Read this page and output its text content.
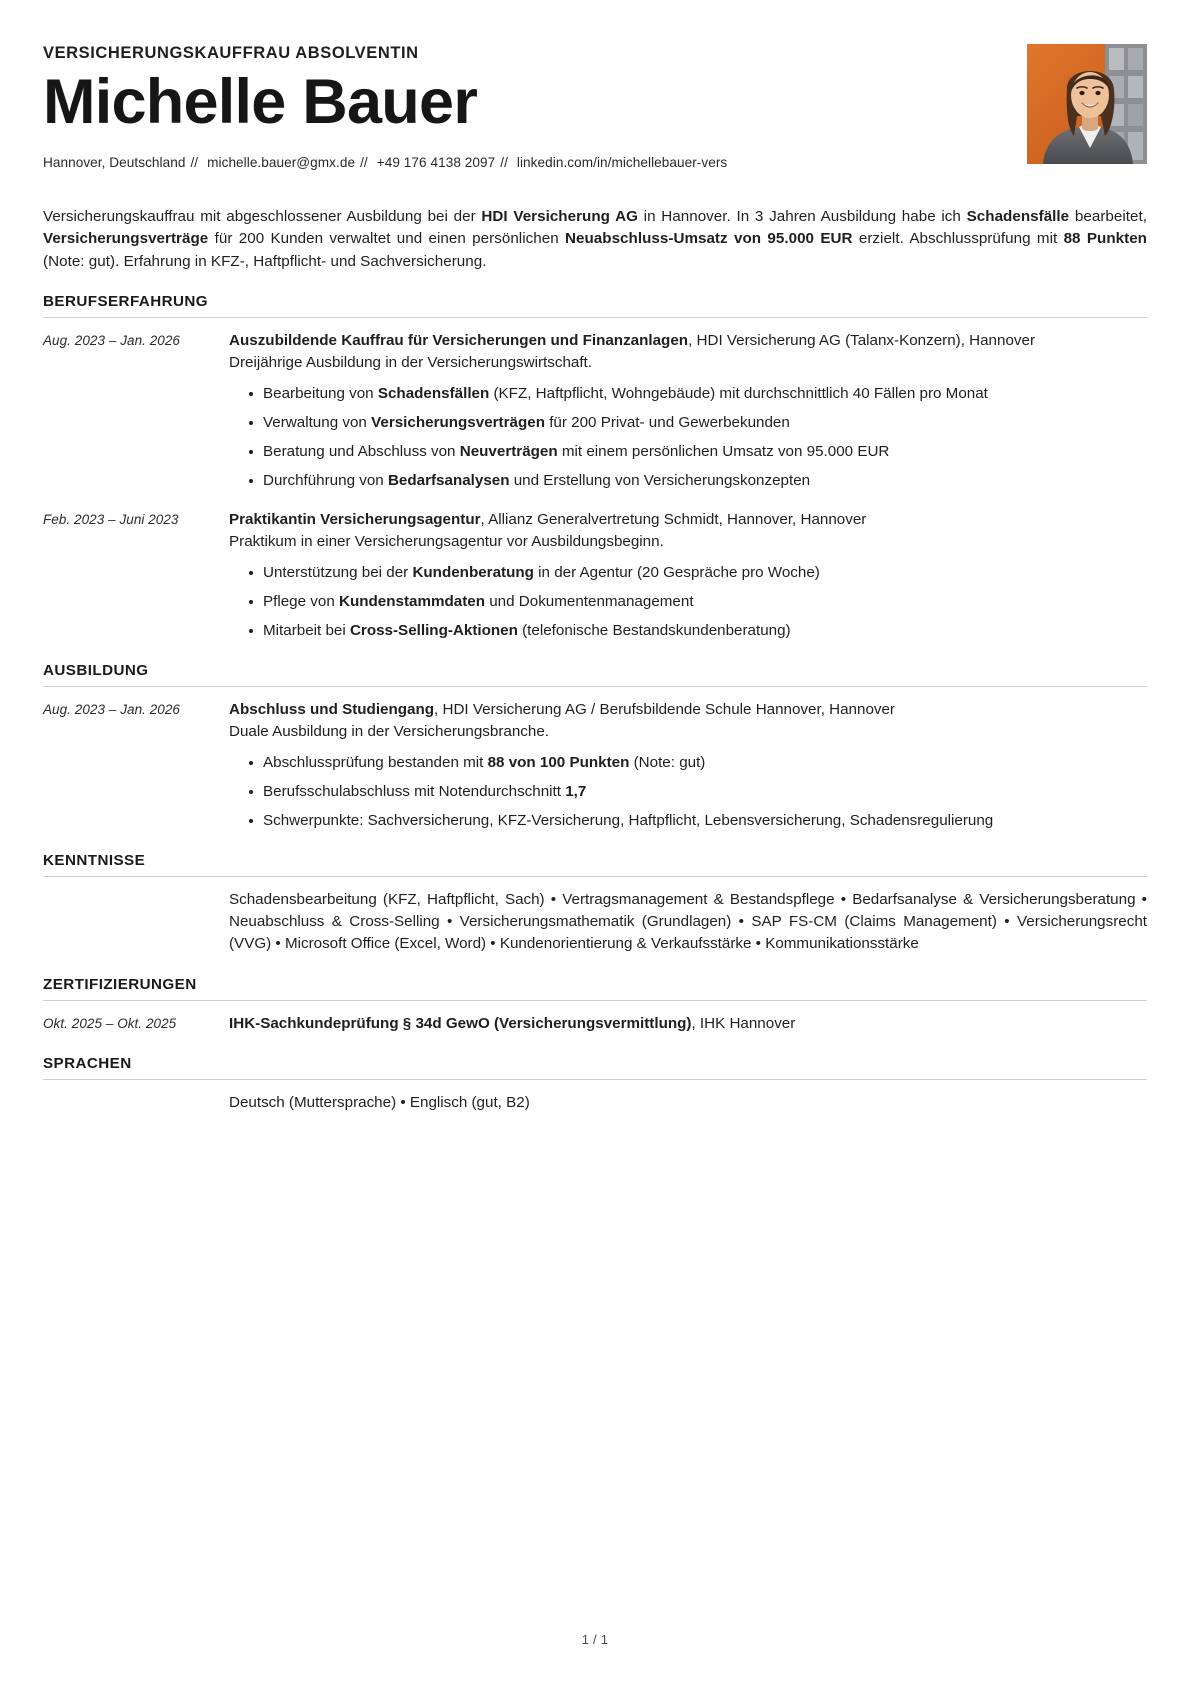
VERSICHERUNGSKAUFFRAU ABSOLVENTIN
Michelle Bauer
Hannover, Deutschland // michelle.bauer@gmx.de // +49 176 4138 2097 // linkedin.com/in/michellebauer-vers

Versicherungskauffrau mit abgeschlossener Ausbildung bei der HDI Versicherung AG in Hannover. In 3 Jahren Ausbildung habe ich Schadensfälle bearbeitet, Versicherungsverträge für 200 Kunden verwaltet und einen persönlichen Neuabschluss-Umsatz von 95.000 EUR erzielt. Abschlussprüfung mit 88 Punkten (Note: gut). Erfahrung in KFZ-, Haftpflicht- und Sachversicherung.

BERUFSERFAHRUNG
Aug. 2023 – Jan. 2026	Auszubildende Kauffrau für Versicherungen und Finanzanlagen, HDI Versicherung AG (Talanx-Konzern), Hannover
Dreijährige Ausbildung in der Versicherungswirtschaft.
Bearbeitung von Schadensfällen (KFZ, Haftpflicht, Wohngebäude) mit durchschnittlich 40 Fällen pro Monat
Verwaltung von Versicherungsverträgen für 200 Privat- und Gewerbekunden
Beratung und Abschluss von Neuverträgen mit einem persönlichen Umsatz von 95.000 EUR
Durchführung von Bedarfsanalysen und Erstellung von Versicherungskonzepten
Feb. 2023 – Juni 2023	Praktikantin Versicherungsagentur, Allianz Generalvertretung Schmidt, Hannover, Hannover
Praktikum in einer Versicherungsagentur vor Ausbildungsbeginn.
Unterstützung bei der Kundenberatung in der Agentur (20 Gespräche pro Woche)
Pflege von Kundenstammdaten und Dokumentenmanagement
Mitarbeit bei Cross-Selling-Aktionen (telefonische Bestandskundenberatung)
AUSBILDUNG
Aug. 2023 – Jan. 2026	Abschluss und Studiengang, HDI Versicherung AG / Berufsbildende Schule Hannover, Hannover
Duale Ausbildung in der Versicherungsbranche.
Abschlussprüfung bestanden mit 88 von 100 Punkten (Note: gut)
Berufsschulabschluss mit Notendurchschnitt 1,7
Schwerpunkte: Sachversicherung, KFZ-Versicherung, Haftpflicht, Lebensversicherung, Schadensregulierung
KENNTNISSE
Schadensbearbeitung (KFZ, Haftpflicht, Sach) • Vertragsmanagement & Bestandspflege • Bedarfsanalyse & Versicherungsberatung • Neuabschluss & Cross-Selling • Versicherungsmathematik (Grundlagen) • SAP FS-CM (Claims Management) • Versicherungsrecht (VVG) • Microsoft Office (Excel, Word) • Kundenorientierung & Verkaufsstärke • Kommunikationsstärke
ZERTIFIZIERUNGEN
Okt. 2025 – Okt. 2025	IHK-Sachkundeprüfung § 34d GewO (Versicherungsvermittlung), IHK Hannover
SPRACHEN
Deutsch (Muttersprache) • Englisch (gut, B2)
1 / 1
